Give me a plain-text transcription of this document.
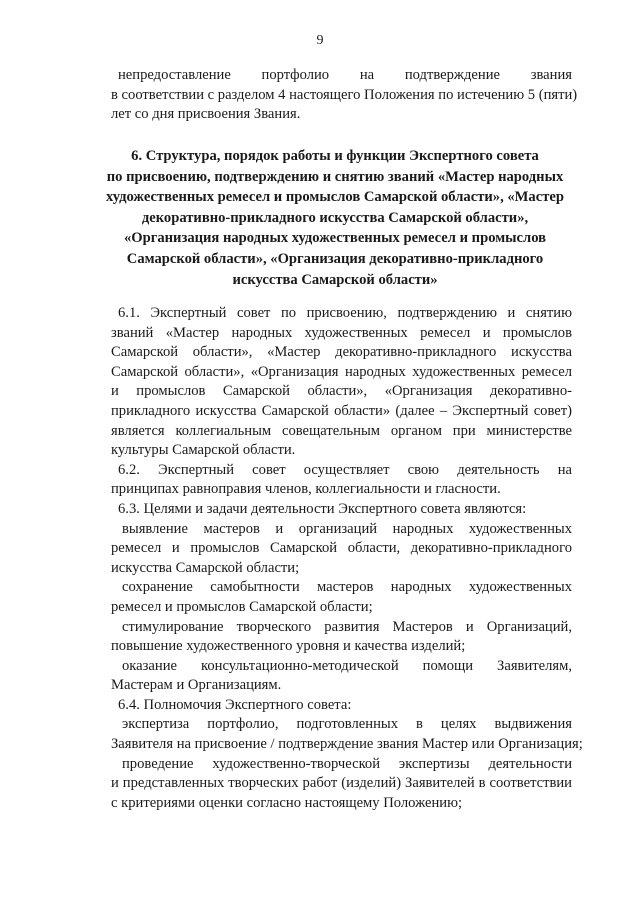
9
непредоставление портфолио на подтверждение звания
в соответствии с разделом 4 настоящего Положения по истечению 5 (пяти)
лет со дня присвоения Звания.
6. Структура, порядок работы и функции Экспертного совета
по присвоению, подтверждению и снятию званий «Мастер народных
художественных ремесел и промыслов Самарской области», «Мастер
декоративно-прикладного искусства Самарской области»,
«Организация народных художественных ремесел и промыслов
Самарской области», «Организация декоративно-прикладного
искусства Самарской области»
6.1. Экспертный совет по присвоению, подтверждению и снятию
званий «Мастер народных художественных ремесел и промыслов
Самарской области», «Мастер декоративно-прикладного искусства
Самарской области», «Организация народных художественных ремесел
и промыслов Самарской области», «Организация декоративно-
прикладного искусства Самарской области» (далее – Экспертный совет)
является коллегиальным совещательным органом при министерстве
культуры Самарской области.
6.2. Экспертный совет осуществляет свою деятельность на
принципах равноправия членов, коллегиальности и гласности.
6.3. Целями и задачи деятельности Экспертного совета являются:
выявление мастеров и организаций народных художественных
ремесел и промыслов Самарской области, декоративно-прикладного
искусства Самарской области;
сохранение самобытности мастеров народных художественных
ремесел и промыслов Самарской области;
стимулирование творческого развития Мастеров и Организаций,
повышение художественного уровня и качества изделий;
оказание консультационно-методической помощи Заявителям,
Мастерам и Организациям.
6.4. Полномочия Экспертного совета:
экспертиза портфолио, подготовленных в целях выдвижения
Заявителя на присвоение / подтверждение звания Мастер или Организация;
проведение художественно-творческой экспертизы деятельности
и представленных творческих работ (изделий) Заявителей в соответствии
с критериями оценки согласно настоящему Положению;
